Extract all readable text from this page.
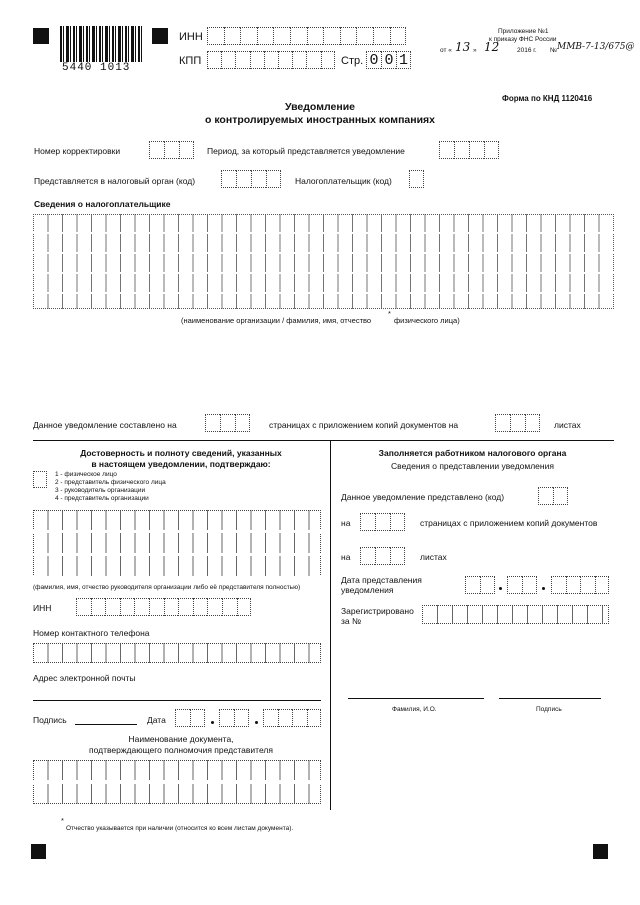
5440 1013
ИНН
КПП	Стр. 0 0 1
Приложение №1
к приказу ФНС России
от « 13 » 12	2016 г. № ММВ-7-13/675@
Форма по КНД 1120416
Уведомление
о контролируемых иностранных компаниях
Номер корректировки	Период, за который представляется уведомление
Представляется в налоговый орган (код)	Налогоплательщик (код)
Сведения о налогоплательщике
(наименование организации / фамилия, имя, отчество
*
физического лица)
Данное уведомление составлено на	страницах с приложением копий документов на	листах
Достоверность и полноту сведений, указанных
в настоящем уведомлении, подтверждаю:
1 - физическое лицо
2 - представитель физического лица
3 - руководитель организации
4 - представитель организации
(фамилия, имя, отчество руководителя организации либо её представителя полностью)
ИНН
Номер контактного телефона
Адрес электронной почты
Подпись	Дата
Наименование документа,
подтверждающего полномочия представителя
*
Отчество указывается при наличии (относится ко всем листам документа).
Заполняется работником налогового органа
Сведения о представлении уведомления
Данное уведомление представлено (код)
на	страницах с приложением копий документов
на	листах
Дата представления
уведомления
Зарегистрировано
за №
Фамилия, И.О.	Подпись
